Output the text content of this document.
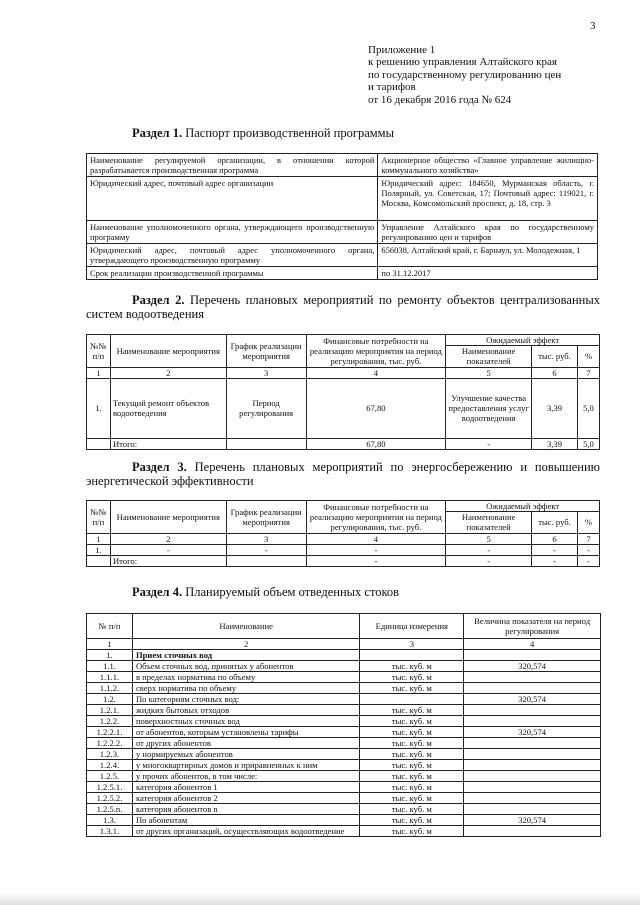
3
Приложение 1
к решению управления Алтайского края
по государственному регулированию цен
и тарифов
от 16 декабря 2016 года № 624
Раздел 1. Паспорт производственной программы
Наименование регулируемой организации, в отношении которой разрабатывается производственная программа	Акционерное общество «Главное управление жилищно-коммунального хозяйства»
Юридический адрес, почтовый адрес организации	Юридический адрес: 184650, Мурманская область, г. Полярный, ул. Советская, 17; Почтовый адрес: 119021, г. Москва, Комсомольский проспект, д. 18, стр. 3
Наименование уполномоченного органа, утверждающего производственную программу	Управление Алтайского края по государственному регулированию цен и тарифов
Юридический адрес, почтовый адрес уполномоченного органа, утверждающего производственную программу	656038, Алтайский край, г. Барнаул, ул. Молодежная, 1
Срок реализации производственной программы	по 31.12.2017
Раздел 2. Перечень плановых мероприятий по ремонту объектов централизованных систем водоотведения
№№ п/п	Наименование мероприятия	График реализации мероприятия	Финансовые потребности на реализацию мероприятия на период регулирования, тыс. руб.	Ожидаемый эффект		
				Наименование показателей	тыс. руб.	%
1	2	3	4	5	6	7
1.	Текущий ремонт объектов водоотведения	Период регулирования	67,80	Улучшение качества предоставления услуг водоотведения	3,39	5,0
	Итого:		67,80	-	3,39	5,0
Раздел 3. Перечень плановых мероприятий по энергосбережению и повышению энергетической эффективности
№№ п/п	Наименование мероприятия	График реализации мероприятия	Финансовые потребности на реализацию мероприятия на период регулирования, тыс. руб.	Ожидаемый эффект		
				Наименование показателей	тыс. руб.	%
1	2	3	4	5	6	7
1.	-	-	-	-	-	-
	Итого:		-	-	-	-
Раздел 4. Планируемый объем отведенных стоков
№ п/п	Наименование	Единица измерения	Величина показателя на период регулирования
1	2	3	4
1.	Прием сточных вод		
1.1.	Объем сточных вод, принятых у абонентов	тыс. куб. м	320,574
1.1.1.	в пределах норматива по объему	тыс. куб. м	
1.1.2.	сверх норматива по объему	тыс. куб. м	
1.2.	По категориям сточных вод:		320,574
1.2.1.	жидких бытовых отходов	тыс. куб. м	
1.2.2.	поверхностных сточных вод	тыс. куб. м	
1.2.2.1.	от абонентов, которым установлены тарифы	тыс. куб. м	320,574
1.2.2.2.	от других абонентов	тыс. куб. м	
1.2.3.	у нормируемых абонентов	тыс. куб. м	
1.2.4.	у многоквартирных домов и приравненных к ним	тыс. куб. м	
1.2.5.	у прочих абонентов, в том числе:	тыс. куб. м	
1.2.5.1.	категория абонентов 1	тыс. куб. м	
1.2.5.2.	категория абонентов 2	тыс. куб. м	
1.2.5.n.	категория абонентов n	тыс. куб. м	
1.3.	По абонентам	тыс. куб. м	320,574
1.3.1.	от других организаций, осуществляющих водоотведение	тыс. куб. м	
